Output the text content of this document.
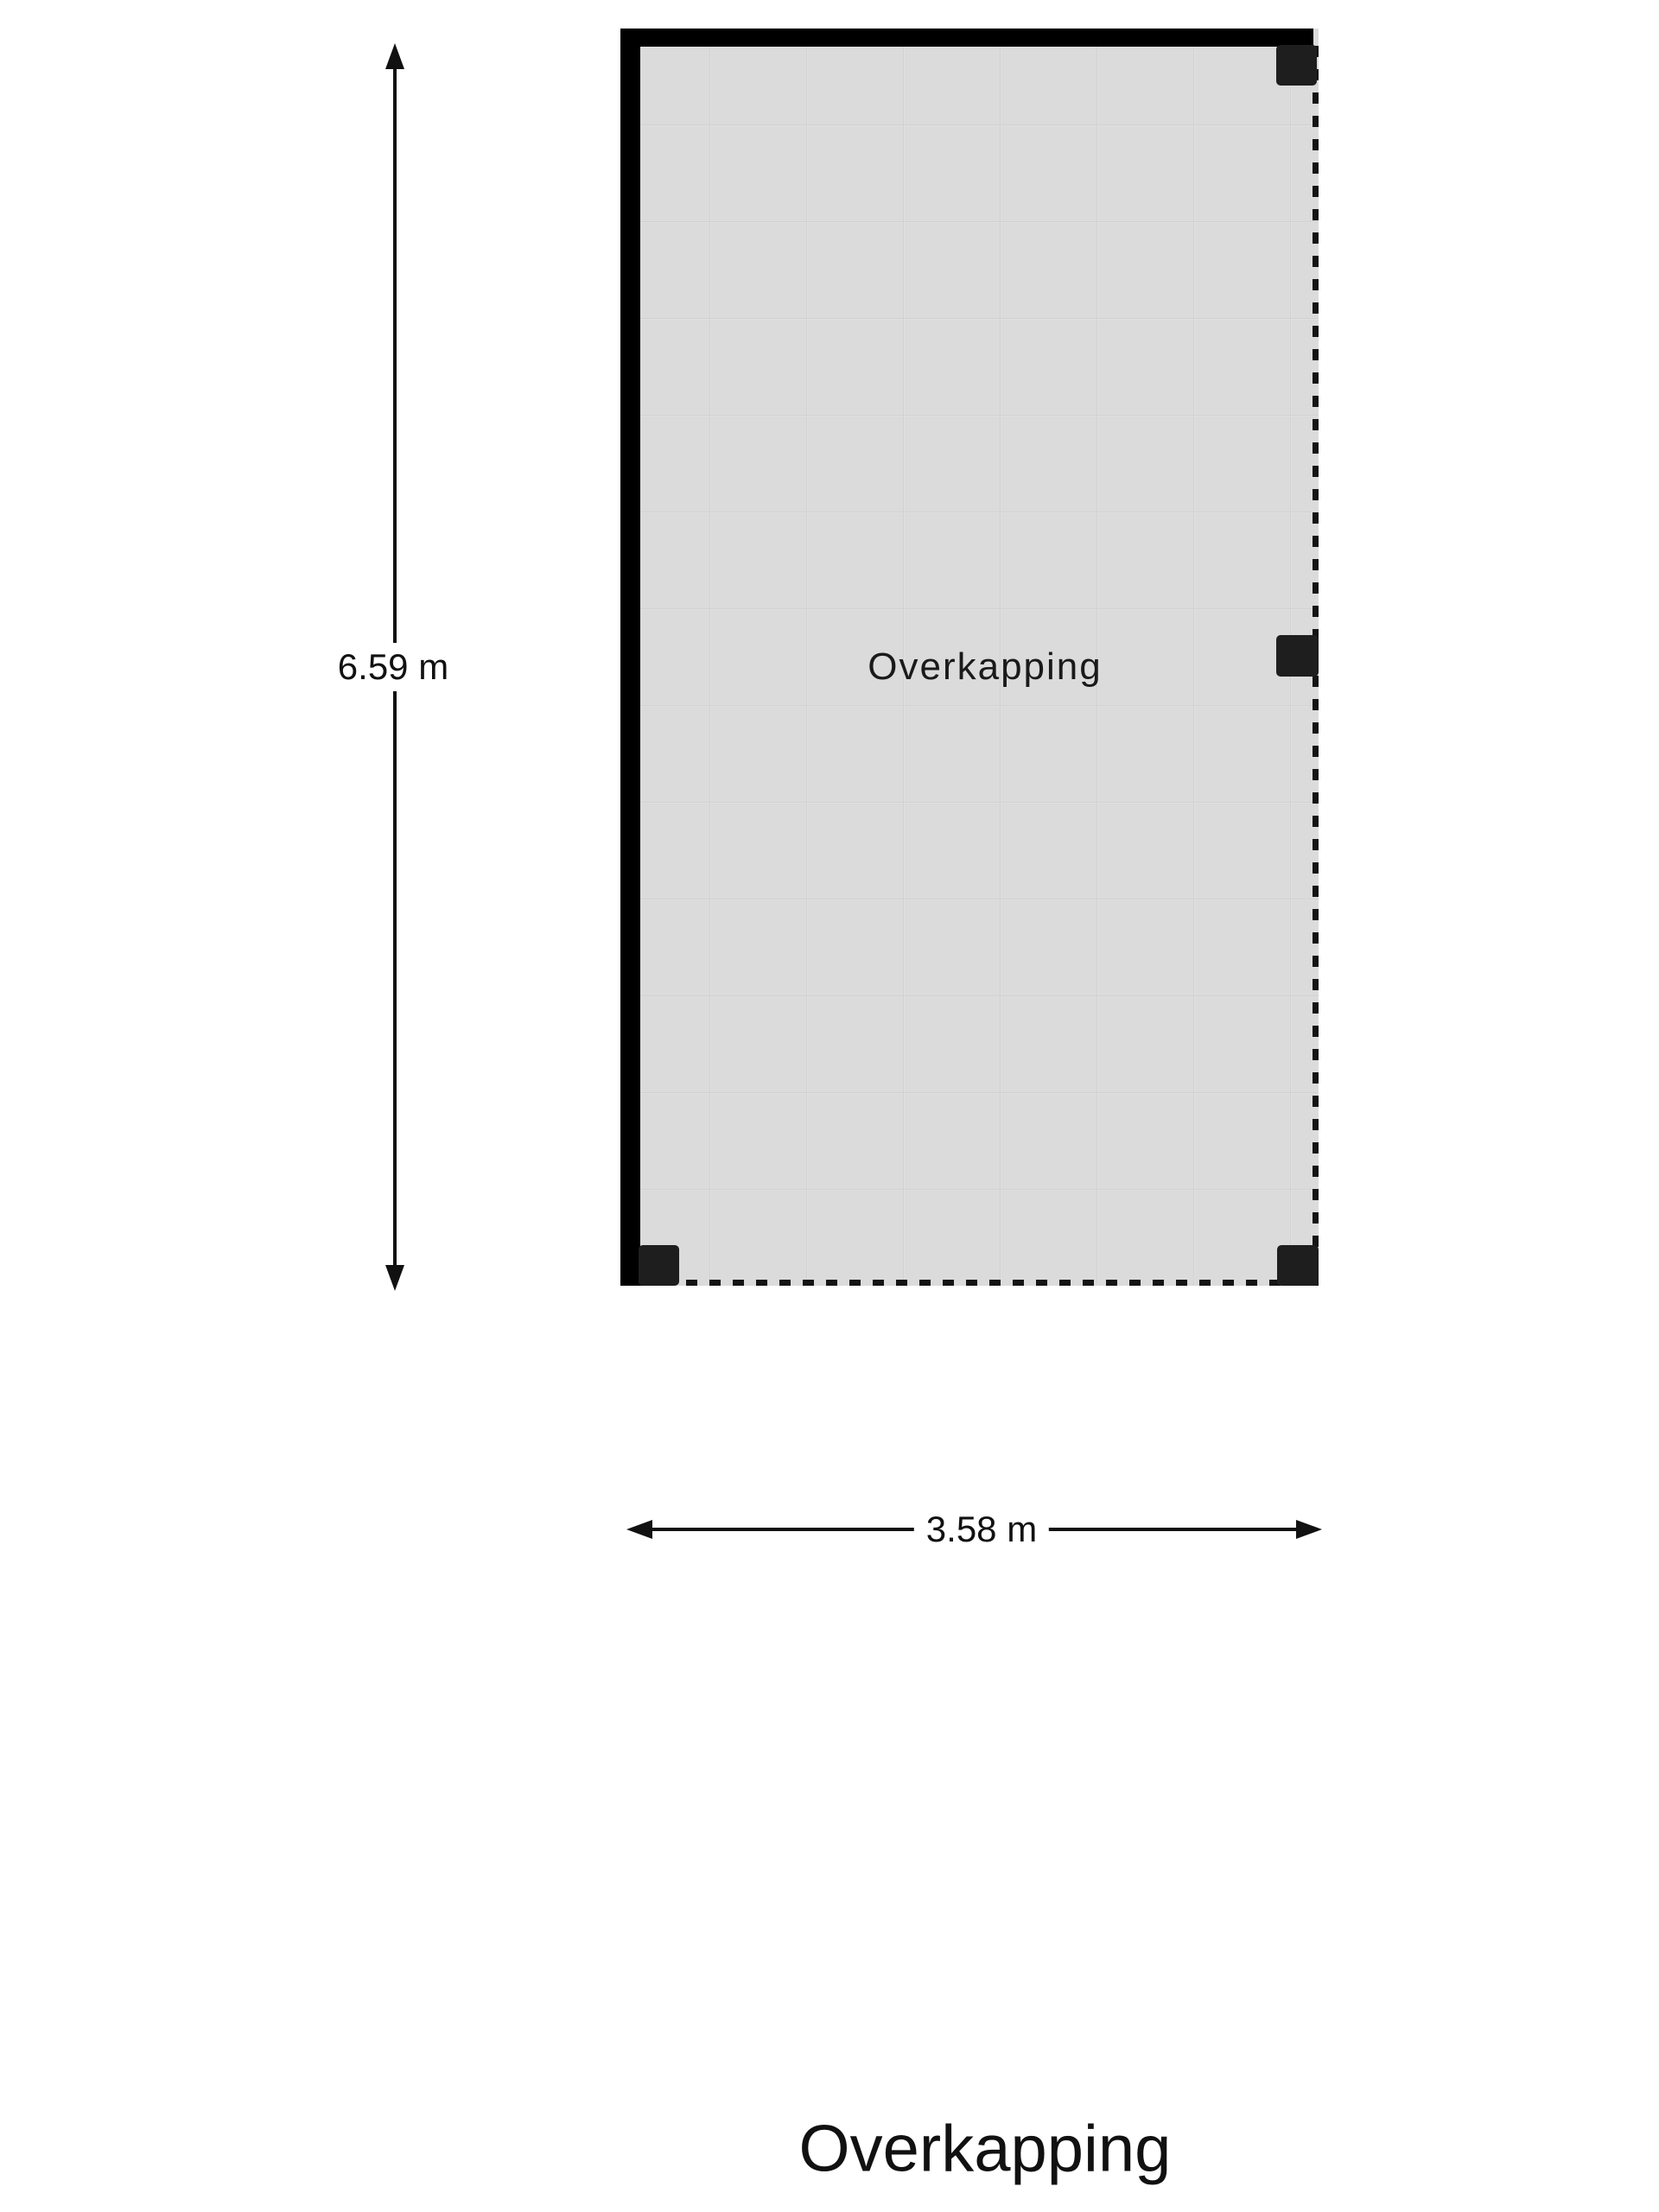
Overkapping
6.59 m
3.58 m
Overkapping
